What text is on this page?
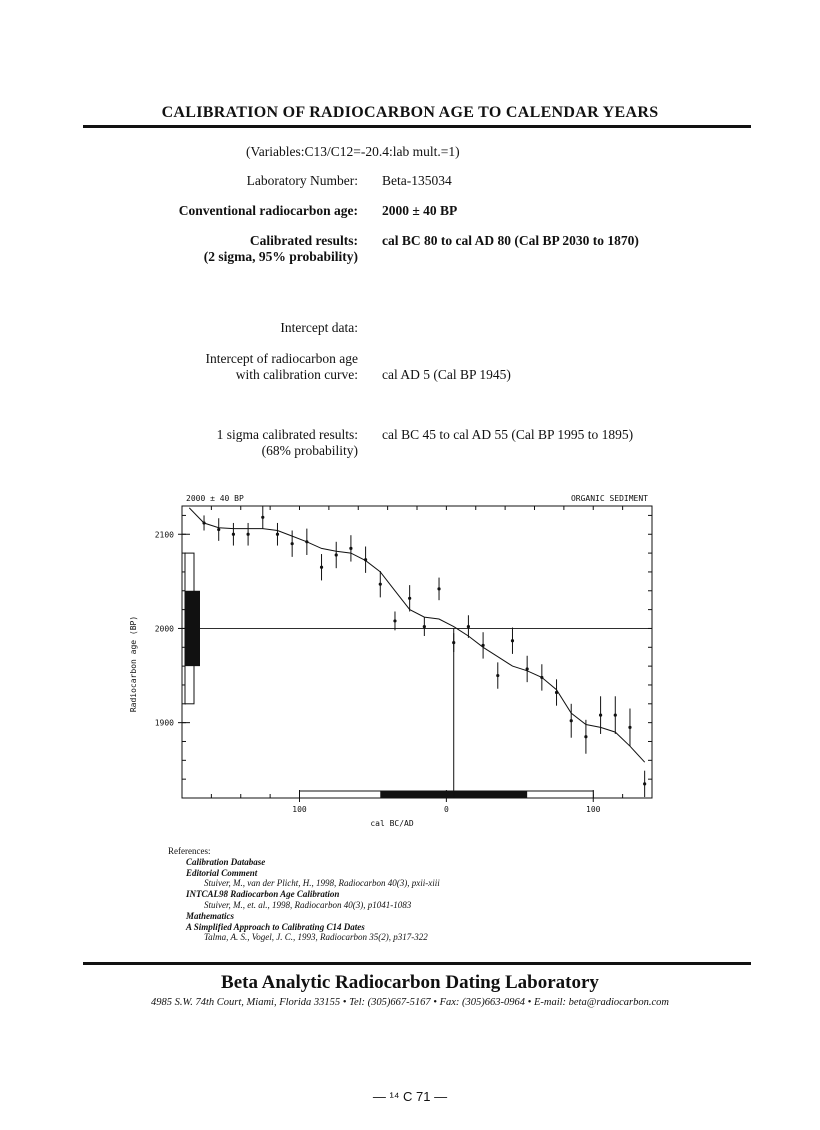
CALIBRATION OF RADIOCARBON AGE TO CALENDAR YEARS
(Variables:C13/C12=-20.4:lab mult.=1)
Laboratory Number: Beta-135034
Conventional radiocarbon age: 2000 ± 40 BP
Calibrated results:
(2 sigma, 95% probability)
cal BC 80 to cal AD 80 (Cal BP 2030 to 1870)
Intercept data:
Intercept of radiocarbon age
with calibration curve: cal AD 5 (Cal BP 1945)
1 sigma calibrated results:
(68% probability)
cal BC 45 to cal AD 55 (Cal BP 1995 to 1895)
2000 ± 40 BP	ORGANIC SEDIMENT
cal BC/AD
Radiocarbon age (BP)
100	0	100
1900
2000
2100
References:
Calibration Database
Editorial Comment
Stuiver, M., van der Plicht, H., 1998, Radiocarbon 40(3), pxii-xiii
INTCAL98 Radiocarbon Age Calibration
Stuiver, M., et. al., 1998, Radiocarbon 40(3), p1041-1083
Mathematics
A Simplified Approach to Calibrating C14 Dates
Talma, A. S., Vogel, J. C., 1993, Radiocarbon 35(2), p317-322
Beta Analytic Radiocarbon Dating Laboratory
4985 S.W. 74th Court, Miami, Florida 33155 • Tel: (305)667-5167 • Fax: (305)663-0964 • E-mail: beta@radiocarbon.com
— ¹⁴ C 71 —
